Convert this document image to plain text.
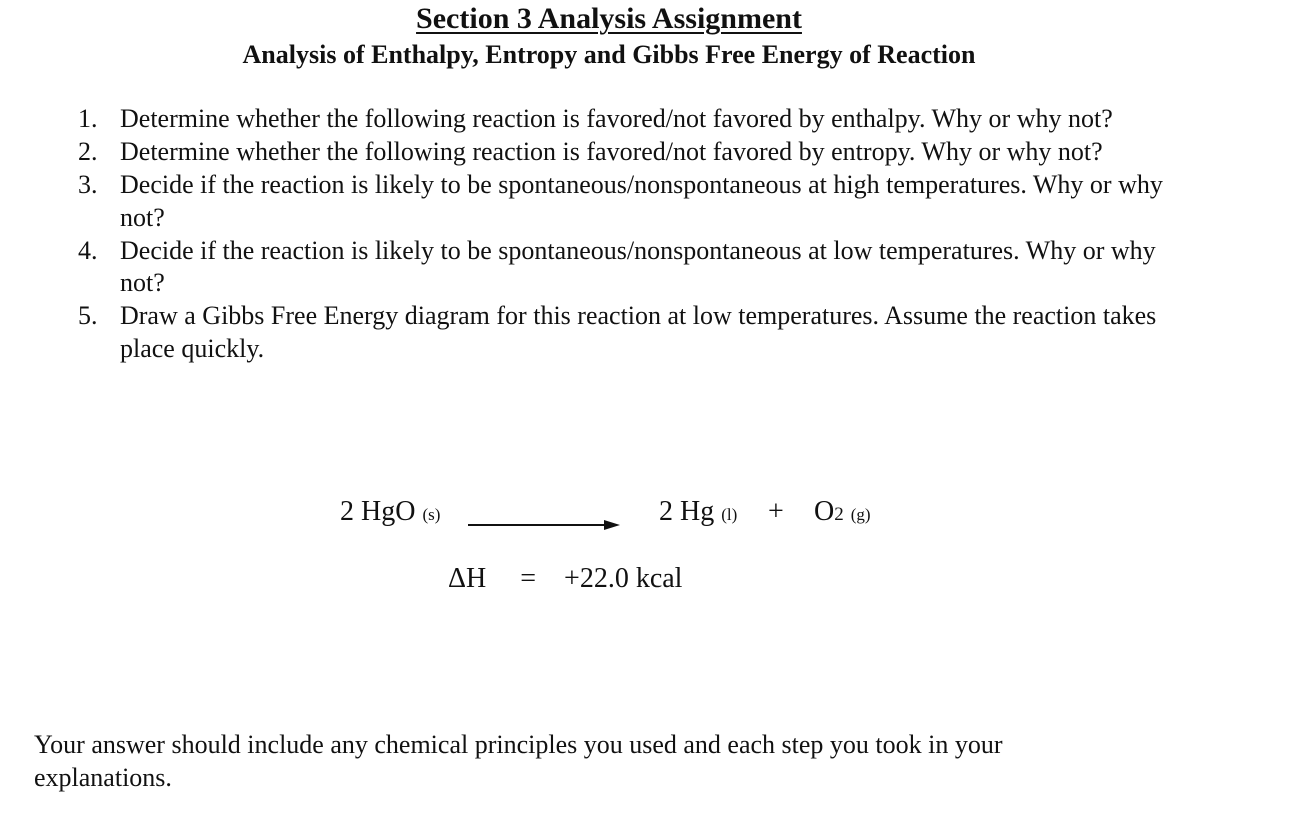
Section 3 Analysis Assignment
Analysis of Enthalpy, Entropy and Gibbs Free Energy of Reaction
1. Determine whether the following reaction is favored/not favored by enthalpy. Why or why not?
2. Determine whether the following reaction is favored/not favored by entropy. Why or why not?
3. Decide if the reaction is likely to be spontaneous/nonspontaneous at high temperatures. Why or why not?
4. Decide if the reaction is likely to be spontaneous/nonspontaneous at low temperatures. Why or why not?
5. Draw a Gibbs Free Energy diagram for this reaction at low temperatures. Assume the reaction takes place quickly.
2 HgO (s)	2 Hg (l) + O2 (g)
ΔH = +22.0 kcal

Your answer should include any chemical principles you used and each step you took in your explanations.
